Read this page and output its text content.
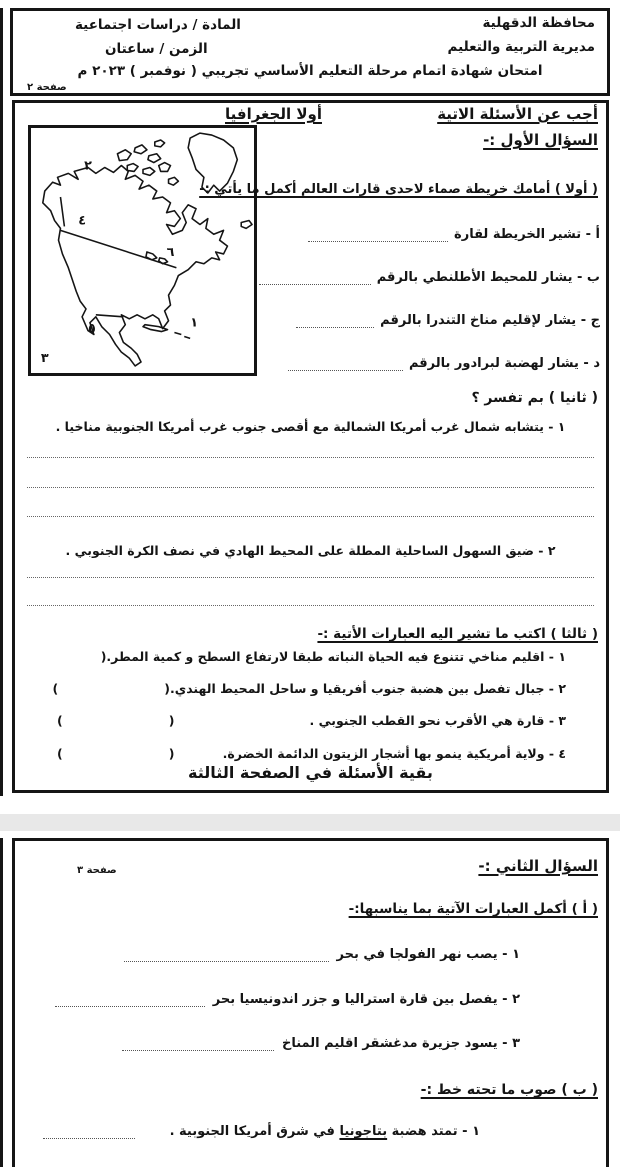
محافظة الدقهلية
مديرية التربية والتعليم
المادة / دراسات اجتماعية
الزمن / ساعتان
امتحان شهادة اتمام مرحلة التعليم الأساسي تجريبي ( نوفمبر ) ٢٠٢٣ م
صفحة ٢
أجب عن الأسئلة الاتية
أولا الجغرافيا
السؤال الأول :-
٢
٤
٦
١
٥
٣
( أولا ) أمامك خريطة صماء لاحدى قارات العالم أكمل ما يأتي :-
أ - تشير الخريطة لقارة
ب - يشار للمحيط الأطلنطي بالرقم
ج - يشار لإقليم مناخ التندرا بالرقم
د - يشار لهضبة لبرادور بالرقم
( ثانيا ) بم تفسر ؟
١ - يتشابه شمال غرب أمريكا الشمالية مع أقصى جنوب غرب أمريكا الجنوبية مناخيا .
٢ - ضيق السهول الساحلية المطلة على المحيط الهادي في نصف الكرة الجنوبي .
( ثالثا ) اكتب ما تشير اليه العبارات الأتية :-
١ - اقليم مناخي تتنوع فيه الحياة النباته طبقا لارتفاع السطح و كمية المطر.
)
٢ - جبال تفصل بين هضبة جنوب أفريقيا و ساحل المحيط الهندي.
(	)
٣ - قارة هي الأقرب نحو القطب الجنوبي .
(	)
٤ - ولاية أمريكية ينمو بها أشجار الزيتون الدائمة الخضرة.
(	)
بقية الأسئلة في الصفحة الثالثة
السؤال الثاني :-
صفحة ٣
( أ ) أكمل العبارات الآتية بما يناسبها:-
١ - يصب نهر الفولجا في بحر
٢ - يفصل بين قارة استراليا و جزر اندونيسيا بحر
٣ - يسود جزيرة مدغشقر اقليم المناخ
( ب ) صوب ما تحته خط :-
١ - تمتد هضبة بتاجونيا في شرق أمريكا الجنوبية .
